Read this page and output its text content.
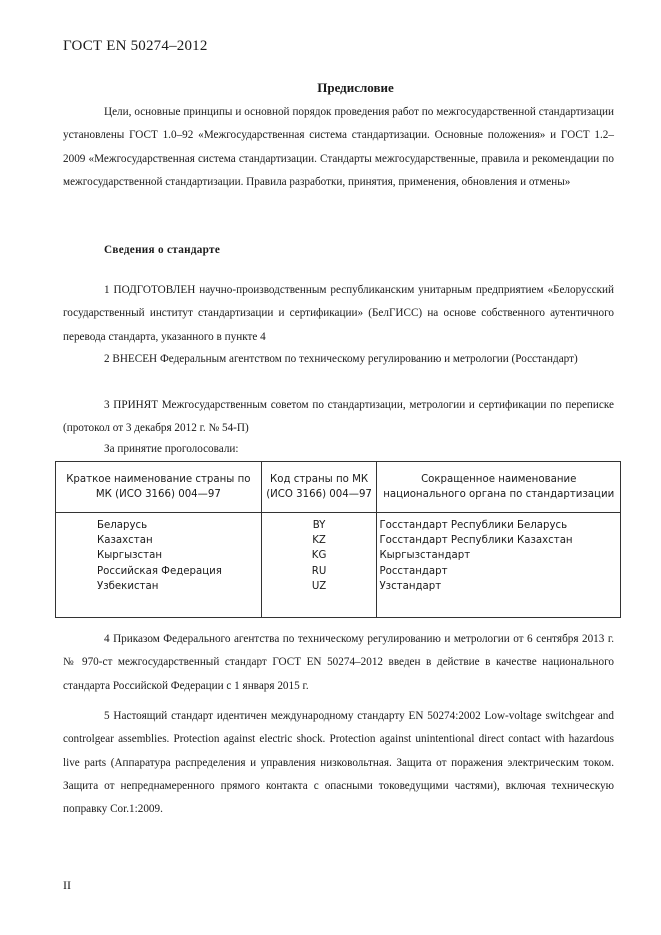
ГОСТ EN 50274–2012
Предисловие

Цели, основные принципы и основной порядок проведения работ по межгосударственной стандартизации установлены ГОСТ 1.0–92 «Межгосударственная система стандартизации. Основные положения» и ГОСТ 1.2–2009 «Межгосударственная система стандартизации. Стандарты межгосударственные, правила и рекомендации по межгосударственной стандартизации. Правила разработки, принятия, применения, обновления и отмены»

Сведения о стандарте

1 ПОДГОТОВЛЕН научно-производственным республиканским унитарным предприятием «Белорусский государственный институт стандартизации и сертификации» (БелГИСС) на основе собственного аутентичного перевода стандарта, указанного в пункте 4

2 ВНЕСЕН Федеральным агентством по техническому регулированию и метрологии (Росстандарт)

3 ПРИНЯТ Межгосударственным советом по стандартизации, метрологии и сертификации по переписке (протокол от 3 декабря 2012 г. № 54-П)

За принятие проголосовали:
Краткое наименование страны по МК (ИСО 3166) 004—97	Код страны по МК (ИСО 3166) 004—97	Сокращенное наименование национального органа по стандартизации
Беларусь	BY	Госстандарт Республики Беларусь
Казахстан	KZ	Госстандарт Республики Казахстан
Кыргызстан	KG	Кыргызстандарт
Российская Федерация	RU	Росстандарт
Узбекистан	UZ	Узстандарт

4 Приказом Федерального агентства по техническому регулированию и метрологии от 6 сентября 2013 г. № 970-ст межгосударственный стандарт ГОСТ EN 50274–2012 введен в действие в качестве национального стандарта Российской Федерации с 1 января 2015 г.

5 Настоящий стандарт идентичен международному стандарту EN 50274:2002 Low-voltage switchgear and controlgear assemblies. Protection against electric shock. Protection against unintentional direct contact with hazardous live parts (Аппаратура распределения и управления низковольтная. Защита от поражения электрическим током. Защита от непреднамеренного прямого контакта с опасными токоведущими частями), включая техническую поправку Cor.1:2009.

II
